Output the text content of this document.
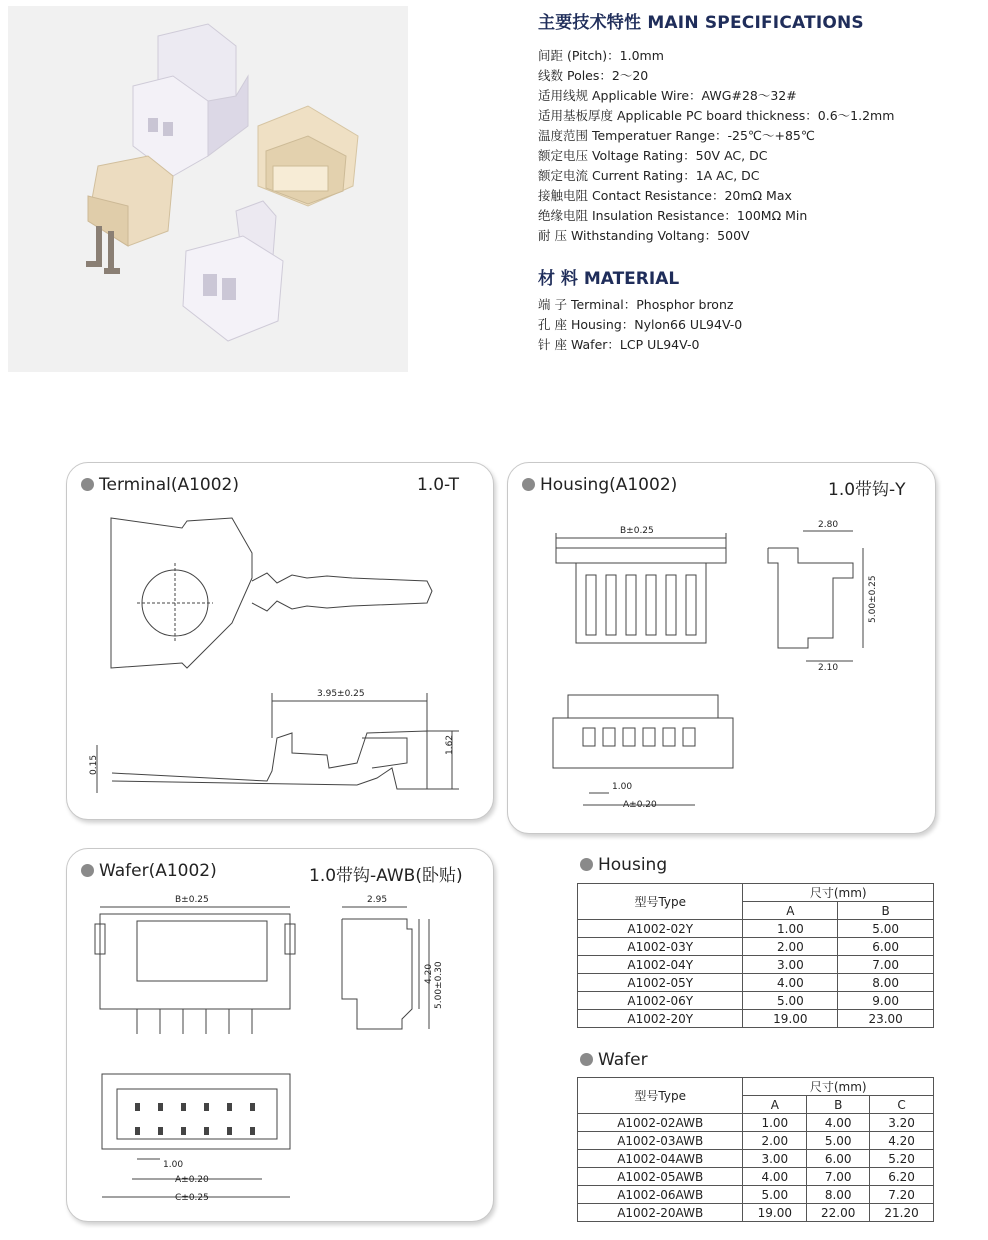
主要技术特性 MAIN SPECIFICATIONS
间距 (Pitch)：1.0mm
线数 Poles：2～20
适用线规 Applicable Wire：AWG#28～32#
适用基板厚度 Applicable PC board thickness：0.6～1.2mm
温度范围 Temperatuer Range：-25℃～+85℃
额定电压 Voltage Rating：50V AC, DC
额定电流 Current Rating：1A AC, DC
接触电阻 Contact Resistance：20mΩ Max
绝缘电阻 Insulation Resistance：100MΩ Min
耐 压 Withstanding Voltang：500V
材 料 MATERIAL
端 子 Terminal：Phosphor bronz
孔 座 Housing：Nylon66 UL94V-0
针 座 Wafer：LCP UL94V-0
Terminal(A1002)	1.0-T
3.95±0.25
1.62
0.15
Housing(A1002)	1.0带钩-Y
B±0.25
2.80
5.00±0.25
2.10
1.00
A±0.20
Wafer(A1002)	1.0带钩-AWB(卧贴)
B±0.25	2.95
4.20 5.00±0.30
1.00
A±0.20
C±0.25
Housing
型号Type	尺寸(mm)	
	A	B
A1002-02Y	1.00	5.00
A1002-03Y	2.00	6.00
A1002-04Y	3.00	7.00
A1002-05Y	4.00	8.00
A1002-06Y	5.00	9.00
A1002-20Y	19.00	23.00
Wafer
型号Type	尺寸(mm)		
	A	B	C
A1002-02AWB	1.00	4.00	3.20
A1002-03AWB	2.00	5.00	4.20
A1002-04AWB	3.00	6.00	5.20
A1002-05AWB	4.00	7.00	6.20
A1002-06AWB	5.00	8.00	7.20
A1002-20AWB	19.00	22.00	21.20
